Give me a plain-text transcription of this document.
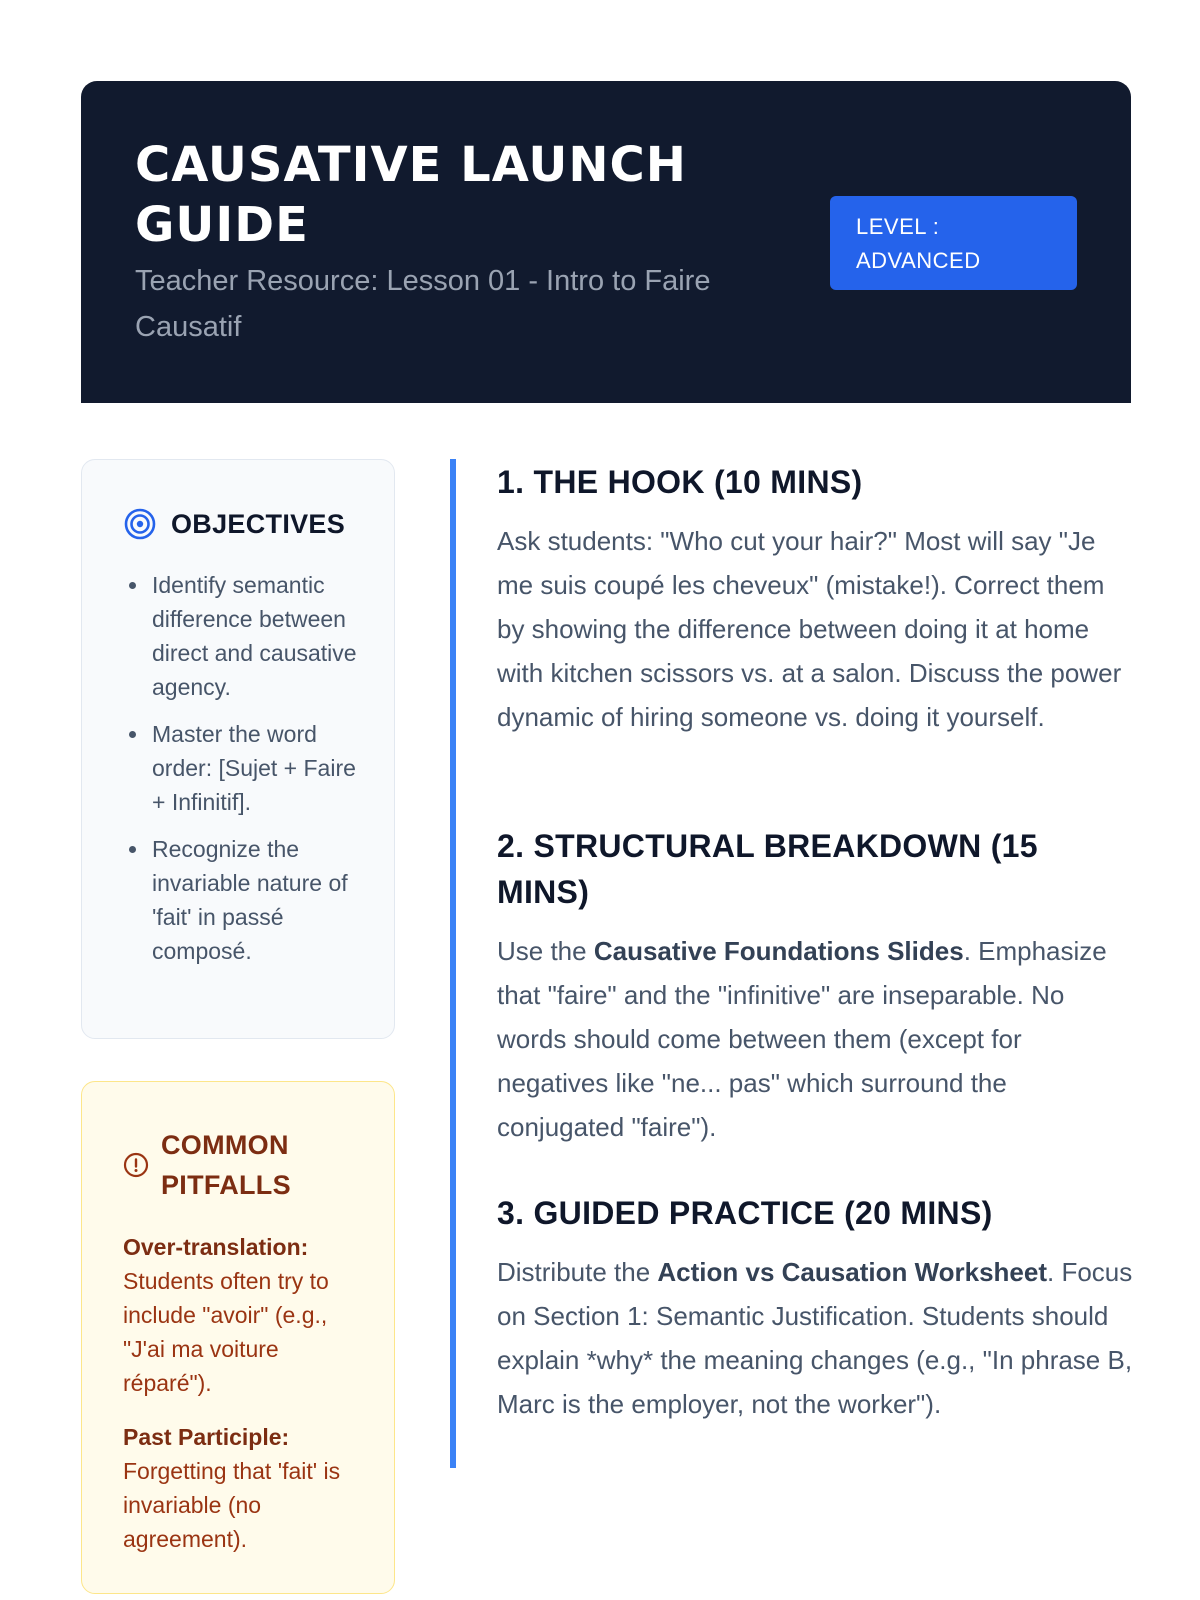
CAUSATIVE LAUNCH GUIDE

Teacher Resource: Lesson 01 - Intro to Faire Causatif

LEVEL : ADVANCED
OBJECTIVES
• Identify semantic difference between direct and causative agency.
• Master the word order: [Sujet + Faire + Infinitif].
• Recognize the invariable nature of 'fait' in passé composé.
COMMON PITFALLS
Over-translation: Students often try to include "avoir" (e.g., "J'ai ma voiture réparé").
Past Participle: Forgetting that 'fait' is invariable (no agreement).
1. THE HOOK (10 MINS)

Ask students: "Who cut your hair?" Most will say "Je me suis coupé les cheveux" (mistake!). Correct them by showing the difference between doing it at home with kitchen scissors vs. at a salon. Discuss the power dynamic of hiring someone vs. doing it yourself.

2. STRUCTURAL BREAKDOWN (15 MINS)

Use the Causative Foundations Slides. Emphasize that "faire" and the "infinitive" are inseparable. No words should come between them (except for negatives like "ne... pas" which surround the conjugated "faire").

3. GUIDED PRACTICE (20 MINS)

Distribute the Action vs Causation Worksheet. Focus on Section 1: Semantic Justification. Students should explain *why* the meaning changes (e.g., "In phrase B, Marc is the employer, not the worker").
